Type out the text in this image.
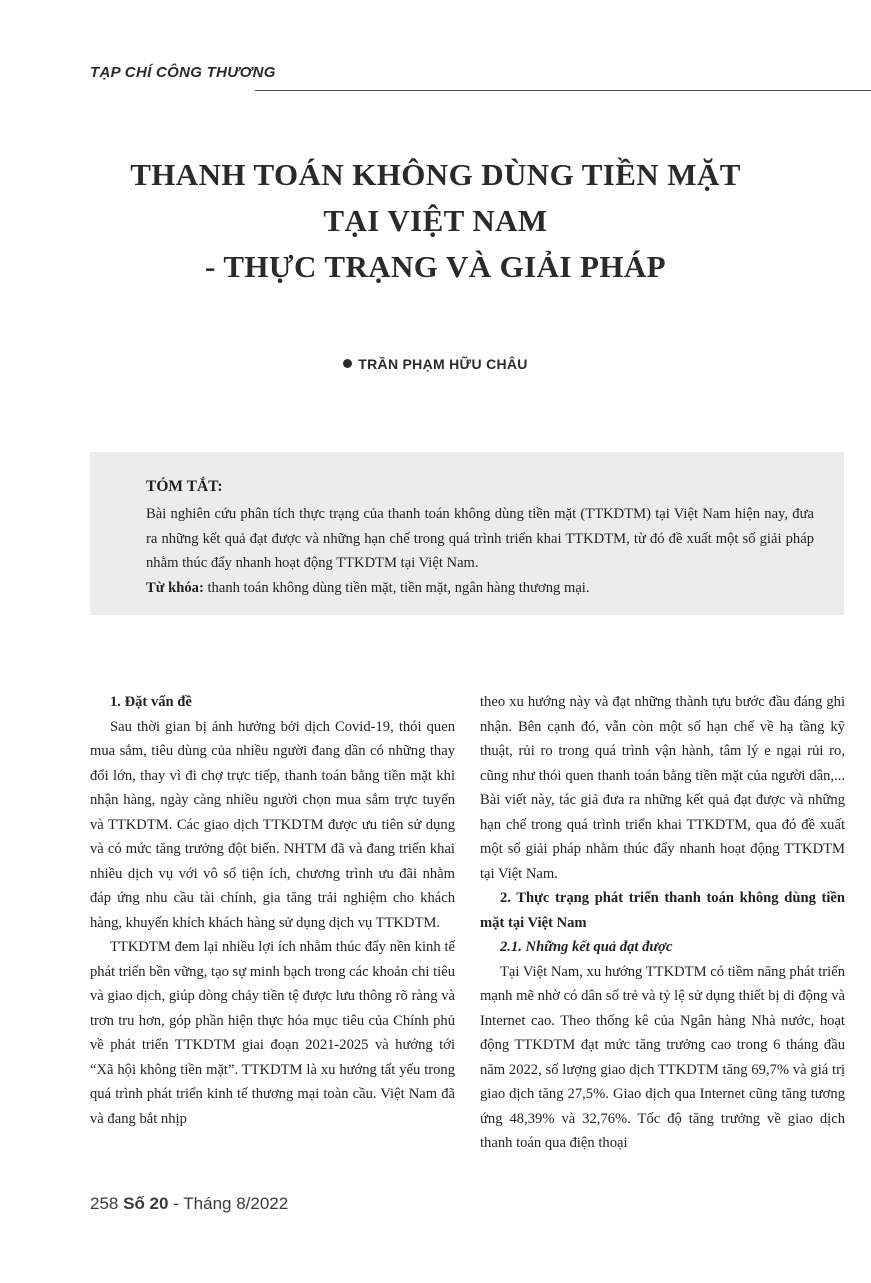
TẠP CHÍ CÔNG THƯƠNG
THANH TOÁN KHÔNG DÙNG TIỀN MẶT
TẠI VIỆT NAM
- THỰC TRẠNG VÀ GIẢI PHÁP
TRẦN PHẠM HỮU CHÂU
TÓM TẮT:

Bài nghiên cứu phân tích thực trạng của thanh toán không dùng tiền mặt (TTKDTM) tại Việt Nam hiện nay, đưa ra những kết quả đạt được và những hạn chế trong quá trình triển khai TTKDTM, từ đó đề xuất một số giải pháp nhằm thúc đẩy nhanh hoạt động TTKDTM tại Việt Nam.

Từ khóa: thanh toán không dùng tiền mặt, tiền mặt, ngân hàng thương mại.

1. Đặt vấn đề

Sau thời gian bị ảnh hưởng bởi dịch Covid-19, thói quen mua sắm, tiêu dùng của nhiều người đang dần có những thay đổi lớn, thay vì đi chợ trực tiếp, thanh toán bằng tiền mặt khi nhận hàng, ngày càng nhiều người chọn mua sắm trực tuyến và TTKDTM. Các giao dịch TTKDTM được ưu tiên sử dụng và có mức tăng trưởng đột biến. NHTM đã và đang triển khai nhiều dịch vụ với vô số tiện ích, chương trình ưu đãi nhằm đáp ứng nhu cầu tài chính, gia tăng trải nghiệm cho khách hàng, khuyến khích khách hàng sử dụng dịch vụ TTKDTM.

TTKDTM đem lại nhiều lợi ích nhằm thúc đẩy nền kinh tế phát triển bền vững, tạo sự minh bạch trong các khoản chi tiêu và giao dịch, giúp dòng chảy tiền tệ được lưu thông rõ ràng và trơn tru hơn, góp phần hiện thực hóa mục tiêu của Chính phủ về phát triển TTKDTM giai đoạn 2021-2025 và hướng tới “Xã hội không tiền mặt”. TTKDTM là xu hướng tất yếu trong quá trình phát triển kinh tế thương mại toàn cầu. Việt Nam đã và đang bắt nhịp

theo xu hướng này và đạt những thành tựu bước đầu đáng ghi nhận. Bên cạnh đó, vẫn còn một số hạn chế về hạ tầng kỹ thuật, rủi ro trong quá trình vận hành, tâm lý e ngại rủi ro, cũng như thói quen thanh toán bằng tiền mặt của người dân,... Bài viết này, tác giả đưa ra những kết quả đạt được và những hạn chế trong quá trình triển khai TTKDTM, qua đó đề xuất một số giải pháp nhằm thúc đẩy nhanh hoạt động TTKDTM tại Việt Nam.

2. Thực trạng phát triển thanh toán không dùng tiền mặt tại Việt Nam
2.1. Những kết quả đạt được

Tại Việt Nam, xu hướng TTKDTM có tiềm năng phát triển mạnh mẽ nhờ có dân số trẻ và tỷ lệ sử dụng thiết bị di động và Internet cao. Theo thống kê của Ngân hàng Nhà nước, hoạt động TTKDTM đạt mức tăng trưởng cao trong 6 tháng đầu năm 2022, số lượng giao dịch TTKDTM tăng 69,7% và giá trị giao dịch tăng 27,5%. Giao dịch qua Internet cũng tăng tương ứng 48,39% và 32,76%. Tốc độ tăng trưởng về giao dịch thanh toán qua điện thoại

258 Số 20 - Tháng 8/2022
